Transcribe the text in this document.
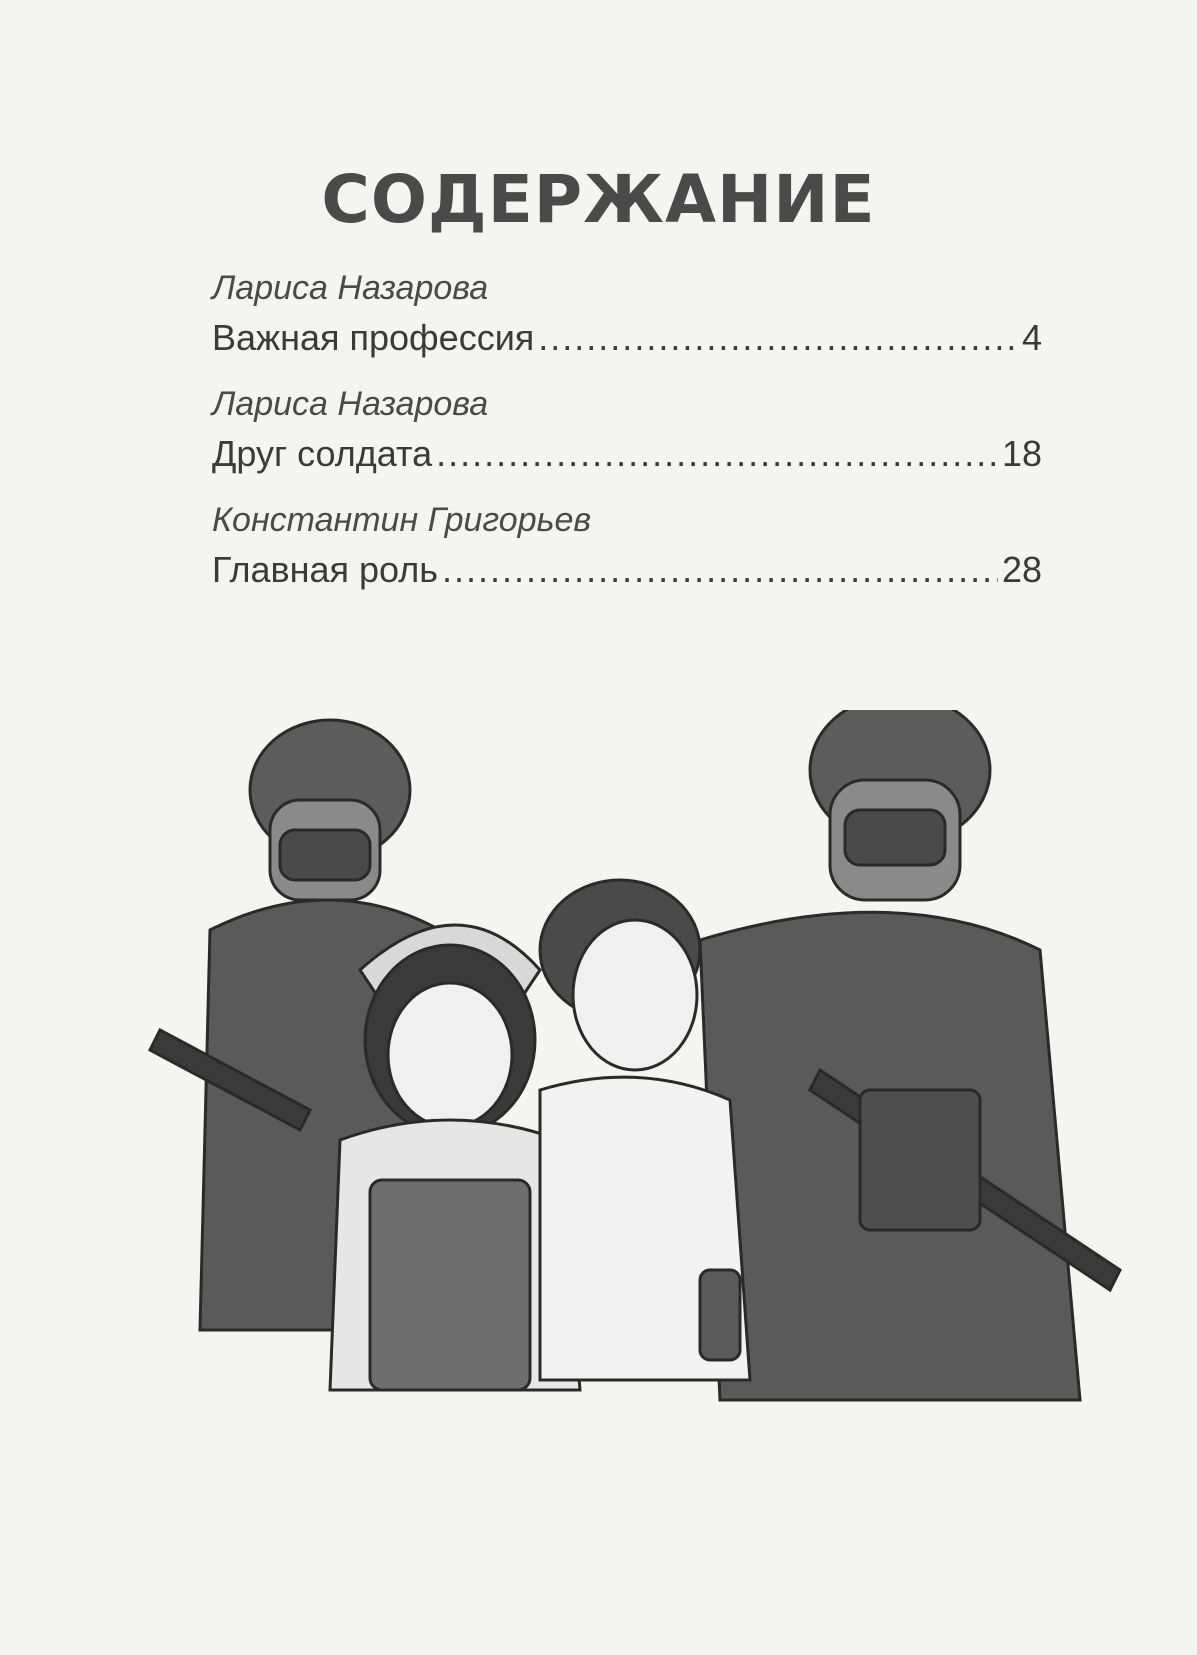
СОДЕРЖАНИЕ
Лариса Назарова
Важная профессия .....	4
Лариса Назарова
Друг солдата .....	18
Константин Григорьев
Главная роль .....	28
